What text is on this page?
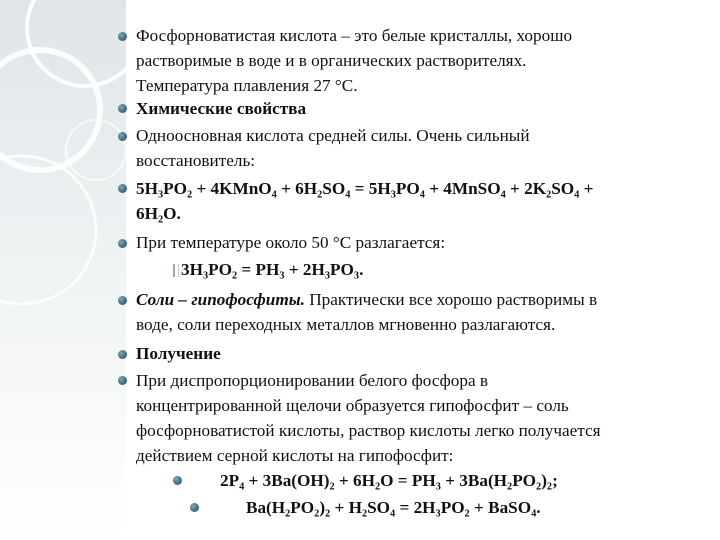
Фосфорноватистая кислота – это белые кристаллы, хорошо
растворимые в воде и в органических растворителях.
Температура плавления 27 °С.
Химические свойства
Одноосновная кислота средней силы. Очень сильный
восстановитель:
5H₃PO₂ + 4KMnO₄ + 6H₂SO₄ = 5H₃PO₄ + 4MnSO₄ + 2K₂SO₄ +
6H₂O.
При температуре около 50 °С разлагается:
3H₃PO₂ = PH₃ + 2H₃PO₃.
Соли – гипофосфиты. Практически все хорошо растворимы в
воде, соли переходных металлов мгновенно разлагаются.
Получение
При диспропорционировании белого фосфора в
концентрированной щелочи образуется гипофосфит – соль
фосфорноватистой кислоты, раствор кислоты легко получается
действием серной кислоты на гипофосфит:
2P₄ + 3Ba(OH)₂ + 6H₂O = PH₃ + 3Ba(H₂PO₂)₂;
Ba(H₂PO₂)₂ + H₂SO₄ = 2H₃PO₂ + BaSO₄.
